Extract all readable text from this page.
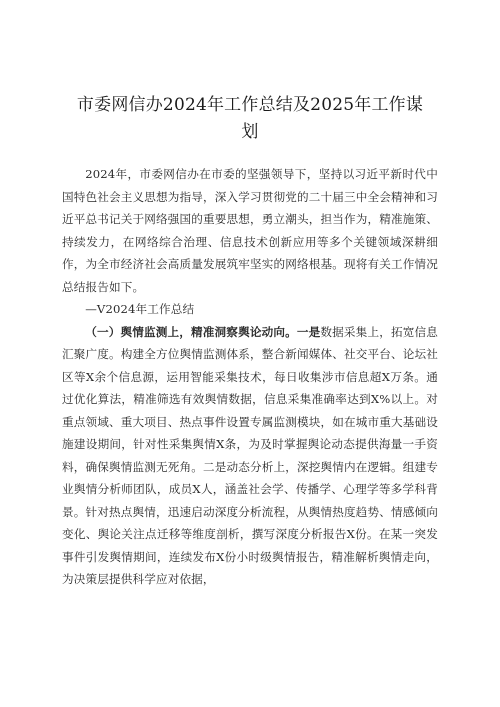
市委网信办2024年工作总结及2025年工作谋
划

2024年，市委网信办在市委的坚强领导下，坚持以习近平新时代中国特色社会主义思想为指导，深入学习贯彻党的二十届三中全会精神和习近平总书记关于网络强国的重要思想，勇立潮头，担当作为，精准施策、持续发力，在网络综合治理、信息技术创新应用等多个关键领域深耕细作，为全市经济社会高质量发展筑牢坚实的网络根基。现将有关工作情况总结报告如下。

—V2024年工作总结

（一）舆情监测上，精准洞察舆论动向。一是数据采集上，拓宽信息汇聚广度。构建全方位舆情监测体系，整合新闻媒体、社交平台、论坛社区等X余个信息源，运用智能采集技术，每日收集涉市信息超X万条。通过优化算法，精准筛选有效舆情数据，信息采集准确率达到X%以上。对重点领域、重大项目、热点事件设置专属监测模块，如在城市重大基础设施建设期间，针对性采集舆情X条，为及时掌握舆论动态提供海量一手资料，确保舆情监测无死角。二是动态分析上，深挖舆情内在逻辑。组建专业舆情分析师团队，成员X人，涵盖社会学、传播学、心理学等多学科背景。针对热点舆情，迅速启动深度分析流程，从舆情热度趋势、情感倾向变化、舆论关注点迁移等维度剖析，撰写深度分析报告X份。在某一突发事件引发舆情期间，连续发布X份小时级舆情报告，精准解析舆情走向，为决策层提供科学应对依据，
